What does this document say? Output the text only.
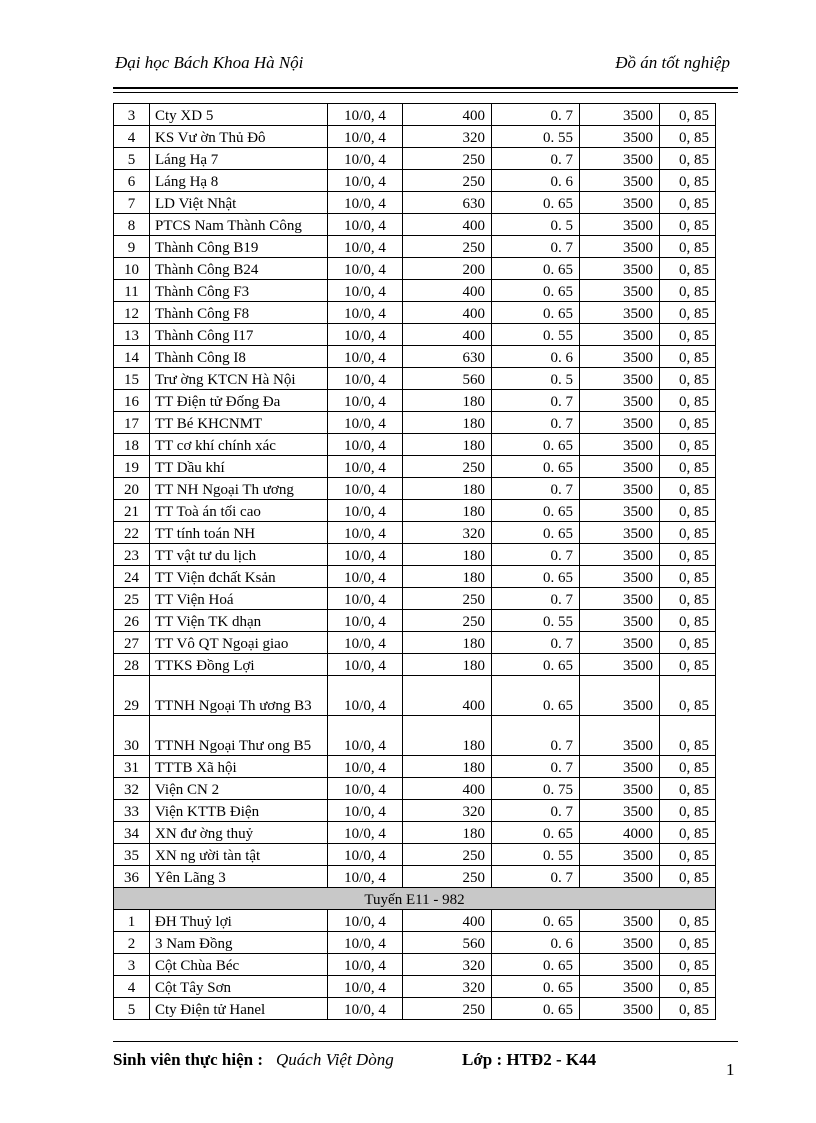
Đại học Bách Khoa Hà Nội	Đồ án tốt nghiệp
3	Cty XD 5	10/0, 4	400	0. 7	3500	0, 85
4	KS Vư ờn Thủ Đô	10/0, 4	320	0. 55	3500	0, 85
5	Láng Hạ 7	10/0, 4	250	0. 7	3500	0, 85
6	Láng Hạ 8	10/0, 4	250	0. 6	3500	0, 85
7	LD Việt Nhật	10/0, 4	630	0. 65	3500	0, 85
8	PTCS Nam Thành Công	10/0, 4	400	0. 5	3500	0, 85
9	Thành Công B19	10/0, 4	250	0. 7	3500	0, 85
10	Thành Công B24	10/0, 4	200	0. 65	3500	0, 85
11	Thành Công F3	10/0, 4	400	0. 65	3500	0, 85
12	Thành Công F8	10/0, 4	400	0. 65	3500	0, 85
13	Thành Công I17	10/0, 4	400	0. 55	3500	0, 85
14	Thành Công I8	10/0, 4	630	0. 6	3500	0, 85
15	Trư ờng KTCN Hà Nội	10/0, 4	560	0. 5	3500	0, 85
16	TT Điện tử Đống Đa	10/0, 4	180	0. 7	3500	0, 85
17	TT Bé KHCNMT	10/0, 4	180	0. 7	3500	0, 85
18	TT cơ khí chính xác	10/0, 4	180	0. 65	3500	0, 85
19	TT Dầu khí	10/0, 4	250	0. 65	3500	0, 85
20	TT NH Ngoại Th ương	10/0, 4	180	0. 7	3500	0, 85
21	TT Toà án tối cao	10/0, 4	180	0. 65	3500	0, 85
22	TT tính toán NH	10/0, 4	320	0. 65	3500	0, 85
23	TT vật tư du lịch	10/0, 4	180	0. 7	3500	0, 85
24	TT Viện đchất Ksản	10/0, 4	180	0. 65	3500	0, 85
25	TT Viện Hoá	10/0, 4	250	0. 7	3500	0, 85
26	TT Viện TK dhạn	10/0, 4	250	0. 55	3500	0, 85
27	TT Vô QT Ngoại giao	10/0, 4	180	0. 7	3500	0, 85
28	TTKS Đồng Lợi	10/0, 4	180	0. 65	3500	0, 85
29	TTNH Ngoại Th ương B3	10/0, 4	400	0. 65	3500	0, 85
30	TTNH Ngoại Thư ong B5	10/0, 4	180	0. 7	3500	0, 85
31	TTTB Xã hội	10/0, 4	180	0. 7	3500	0, 85
32	Viện CN 2	10/0, 4	400	0. 75	3500	0, 85
33	Viện KTTB Điện	10/0, 4	320	0. 7	3500	0, 85
34	XN đư ờng thuỷ	10/0, 4	180	0. 65	4000	0, 85
35	XN ng ười tàn tật	10/0, 4	250	0. 55	3500	0, 85
36	Yên Lãng 3	10/0, 4	250	0. 7	3500	0, 85
Tuyến E11 - 982						
1	ĐH Thuỷ lợi	10/0, 4	400	0. 65	3500	0, 85
2	3 Nam Đồng	10/0, 4	560	0. 6	3500	0, 85
3	Cột Chùa Béc	10/0, 4	320	0. 65	3500	0, 85
4	Cột Tây Sơn	10/0, 4	320	0. 65	3500	0, 85
5	Cty Điện tử Hanel	10/0, 4	250	0. 65	3500	0, 85
Sinh viên thực hiện : Quách Việt Dòng	Lớp : HTĐ2 - K44
1
